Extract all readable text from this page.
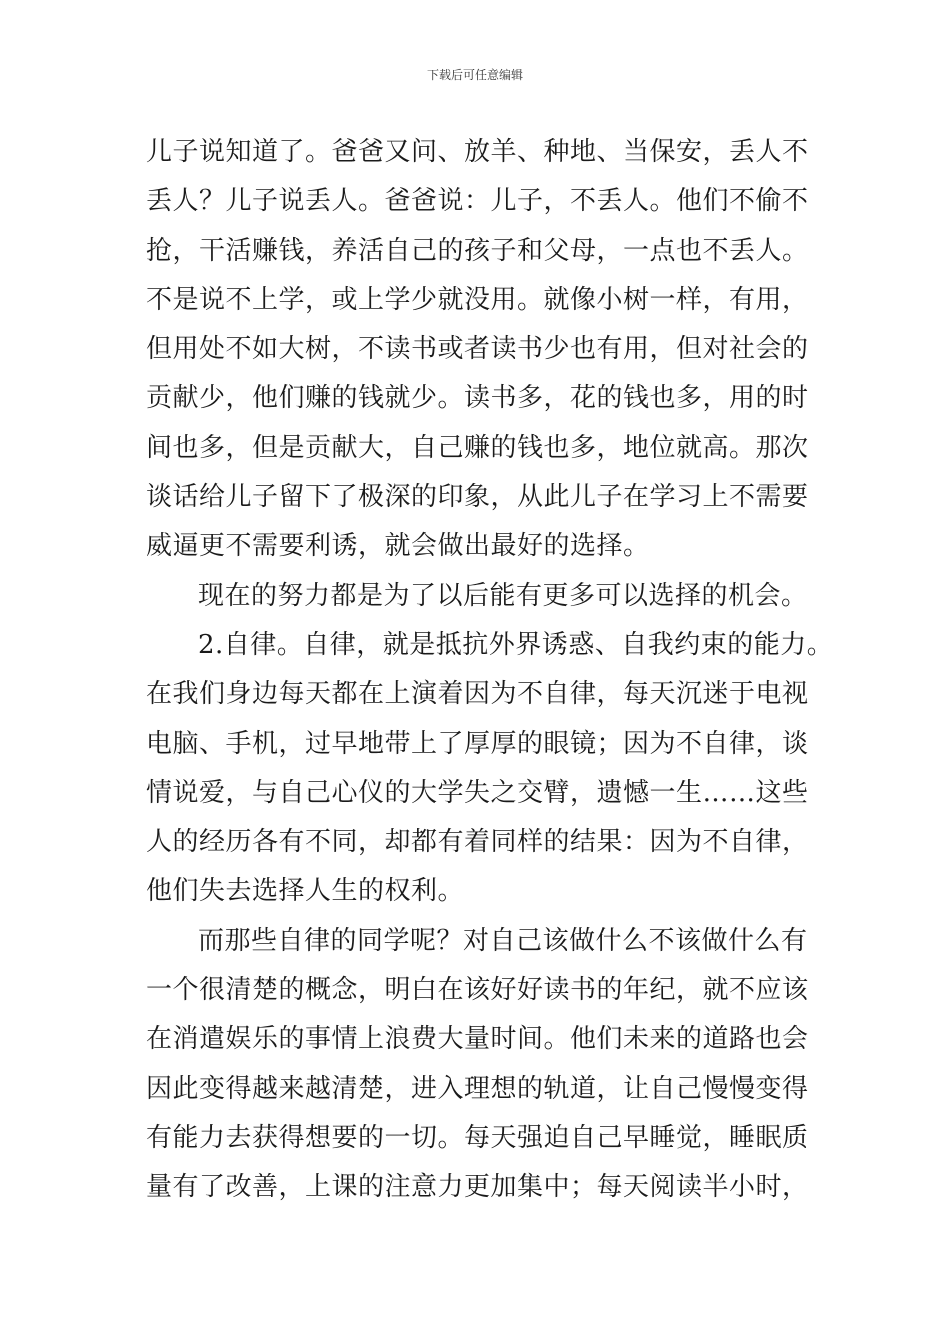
下载后可任意编辑
儿子说知道了。爸爸又问、放羊、种地、当保安，丢人不
丢人？儿子说丢人。爸爸说：儿子，不丢人。他们不偷不
抢，干活赚钱，养活自己的孩子和父母，一点也不丢人。
不是说不上学，或上学少就没用。就像小树一样，有用，
但用处不如大树，不读书或者读书少也有用，但对社会的
贡献少，他们赚的钱就少。读书多，花的钱也多，用的时
间也多，但是贡献大，自己赚的钱也多，地位就高。那次
谈话给儿子留下了极深的印象，从此儿子在学习上不需要
威逼更不需要利诱，就会做出最好的选择。
现在的努力都是为了以后能有更多可以选择的机会。
2.自律。自律，就是抵抗外界诱惑、自我约束的能力。
在我们身边每天都在上演着因为不自律，每天沉迷于电视
电脑、手机，过早地带上了厚厚的眼镜；因为不自律，谈
情说爱，与自己心仪的大学失之交臂，遗憾一生……这些
人的经历各有不同，却都有着同样的结果：因为不自律，
他们失去选择人生的权利。
而那些自律的同学呢？对自己该做什么不该做什么有
一个很清楚的概念，明白在该好好读书的年纪，就不应该
在消遣娱乐的事情上浪费大量时间。他们未来的道路也会
因此变得越来越清楚，进入理想的轨道，让自己慢慢变得
有能力去获得想要的一切。每天强迫自己早睡觉，睡眠质
量有了改善，上课的注意力更加集中；每天阅读半小时，
